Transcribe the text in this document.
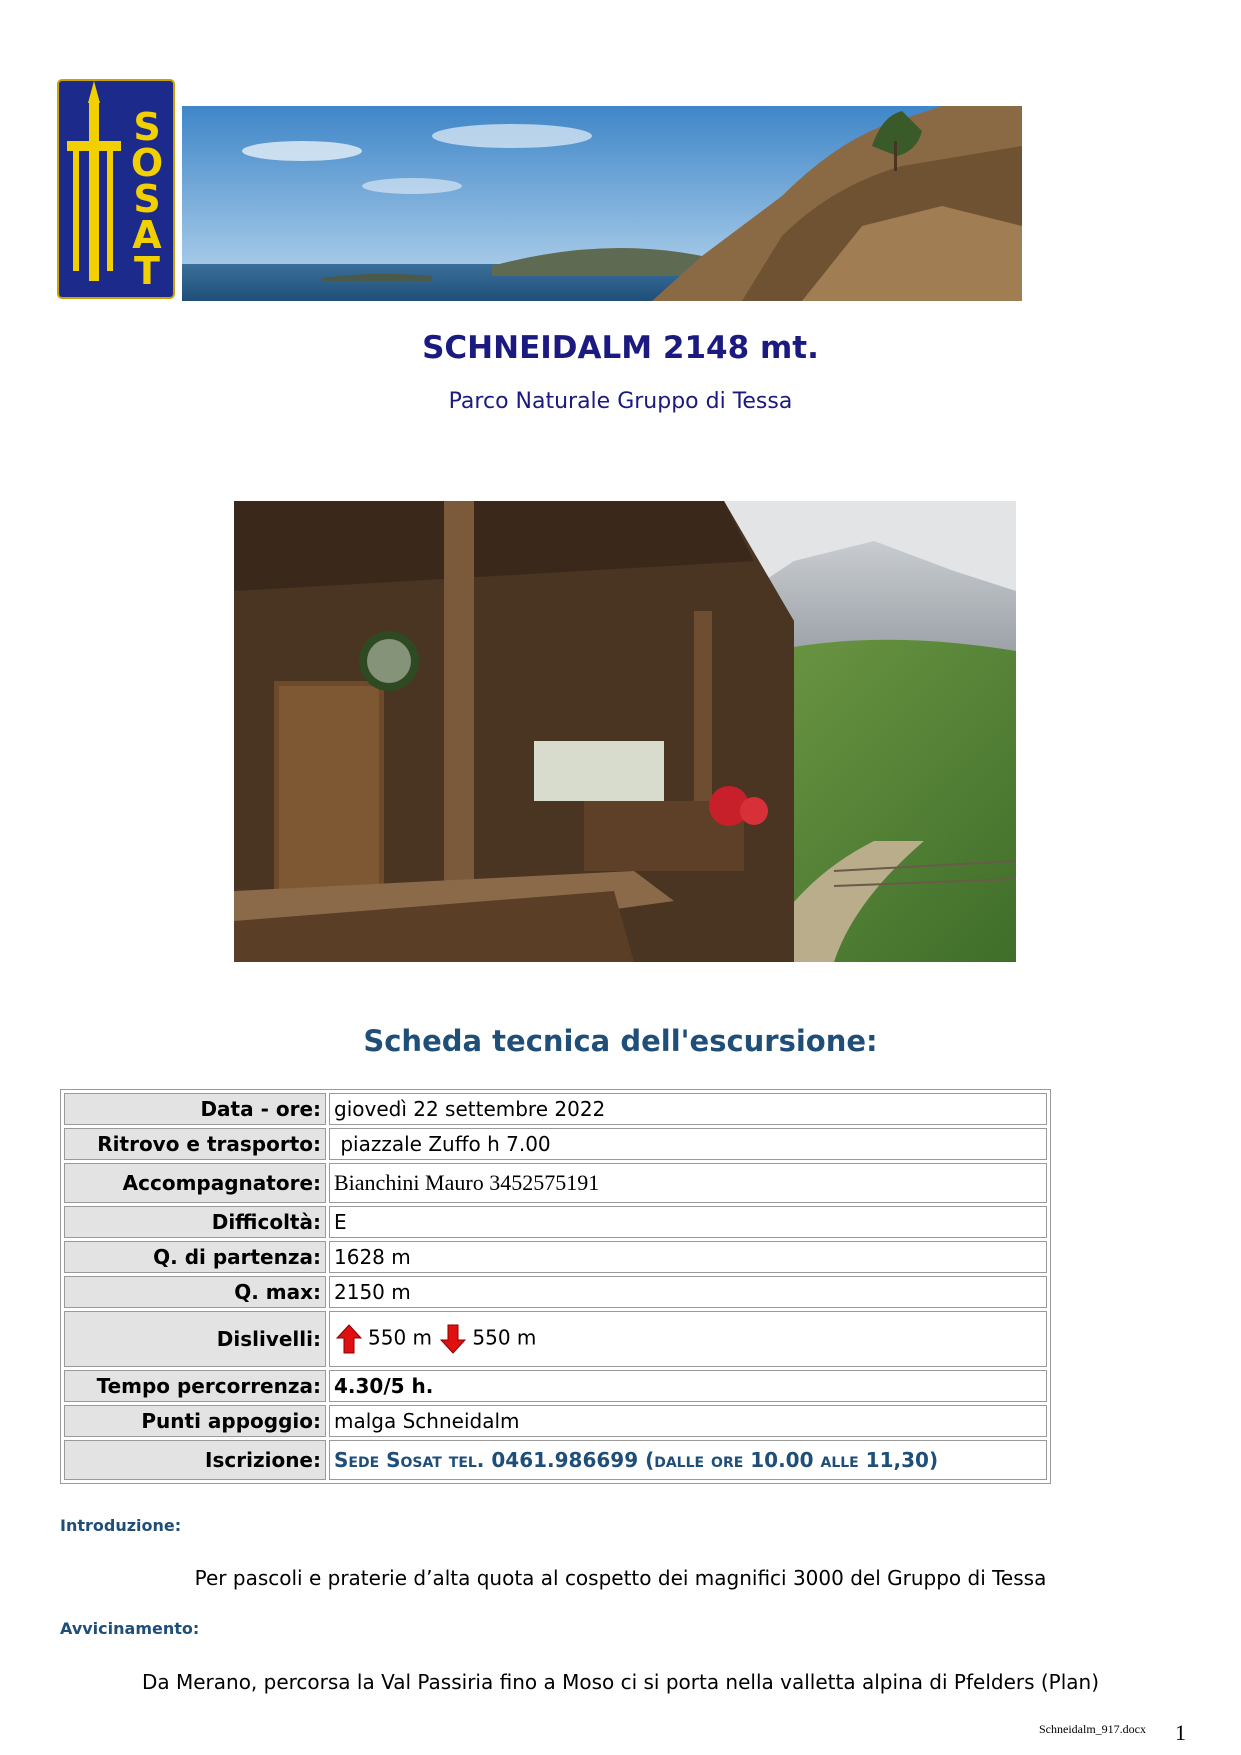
S
O
S
A
T
SCHNEIDALM 2148 mt.
Parco Naturale Gruppo di Tessa
Scheda tecnica dell'escursione:
Data - ore:	giovedì 22 settembre 2022
Ritrovo e trasporto:	piazzale Zuffo h 7.00
Accompagnatore:	Bianchini Mauro 3452575191
Difficoltà:	E
Q. di partenza:	1628 m
Q. max:	2150 m
Dislivelli:	550 m 550 m
Tempo percorrenza:	4.30/5 h.
Punti appoggio:	malga Schneidalm
Iscrizione:	Sede Sosat tel. 0461.986699 (dalle ore 10.00 alle 11,30)
Introduzione:
Per pascoli e praterie d’alta quota al cospetto dei magnifici 3000 del Gruppo di Tessa
Avvicinamento:
Da Merano, percorsa la Val Passiria fino a Moso ci si porta nella valletta alpina di Pfelders (Plan)
Schneidalm_917.docx 1
